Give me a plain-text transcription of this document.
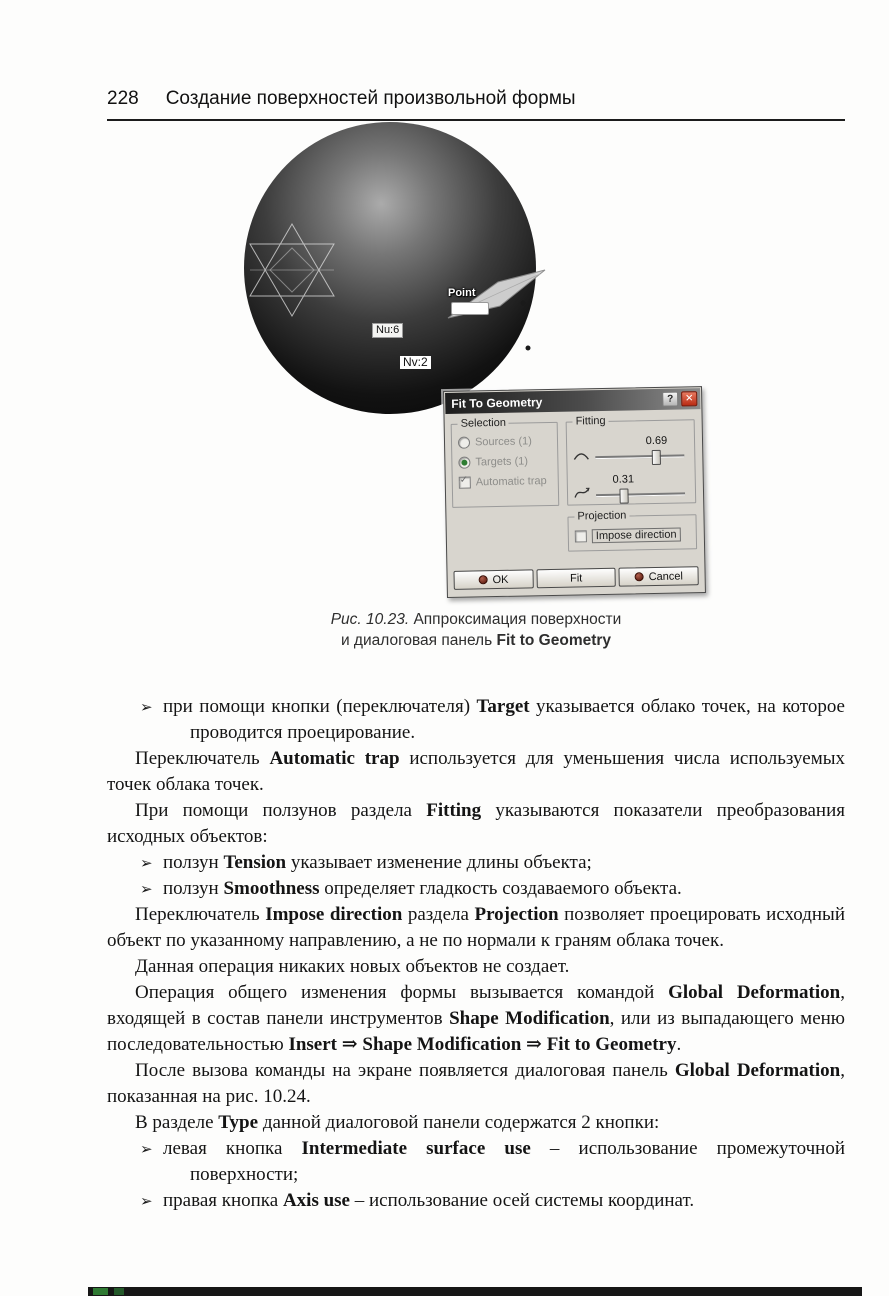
228 Создание поверхностей произвольной формы
Point
Nu:6
Nv:2
Fit To Geometry	?	✕
Selection
Sources (1)
Targets (1)
✓
Automatic trap
Fitting
0.69
0.31
Projection
Impose direction
OK	Fit	Cancel
Рис. 10.23. Аппроксимация поверхности
и диалоговая панель Fit to Geometry

➢ при помощи кнопки (переключателя) Target указывается облако точек, на которое проводится проецирование.

Переключатель Automatic trap используется для уменьшения числа используемых точек облака точек.

При помощи ползунов раздела Fitting указываются показатели преобразования исходных объектов:

➢ ползун Tension указывает изменение длины объекта;

➢ ползун Smoothness определяет гладкость создаваемого объекта.

Переключатель Impose direction раздела Projection позволяет проецировать исходный объект по указанному направлению, а не по нормали к граням облака точек.

Данная операция никаких новых объектов не создает.

Операция общего изменения формы вызывается командой Global Deformation, входящей в состав панели инструментов Shape Modification, или из выпадающего меню последовательностью Insert ⇒ Shape Modification ⇒ Fit to Geometry.

После вызова команды на экране появляется диалоговая панель Global Deformation, показанная на рис. 10.24.

В разделе Type данной диалоговой панели содержатся 2 кнопки:

➢ левая кнопка Intermediate surface use – использование промежуточной поверхности;

➢ правая кнопка Axis use – использование осей системы координат.
